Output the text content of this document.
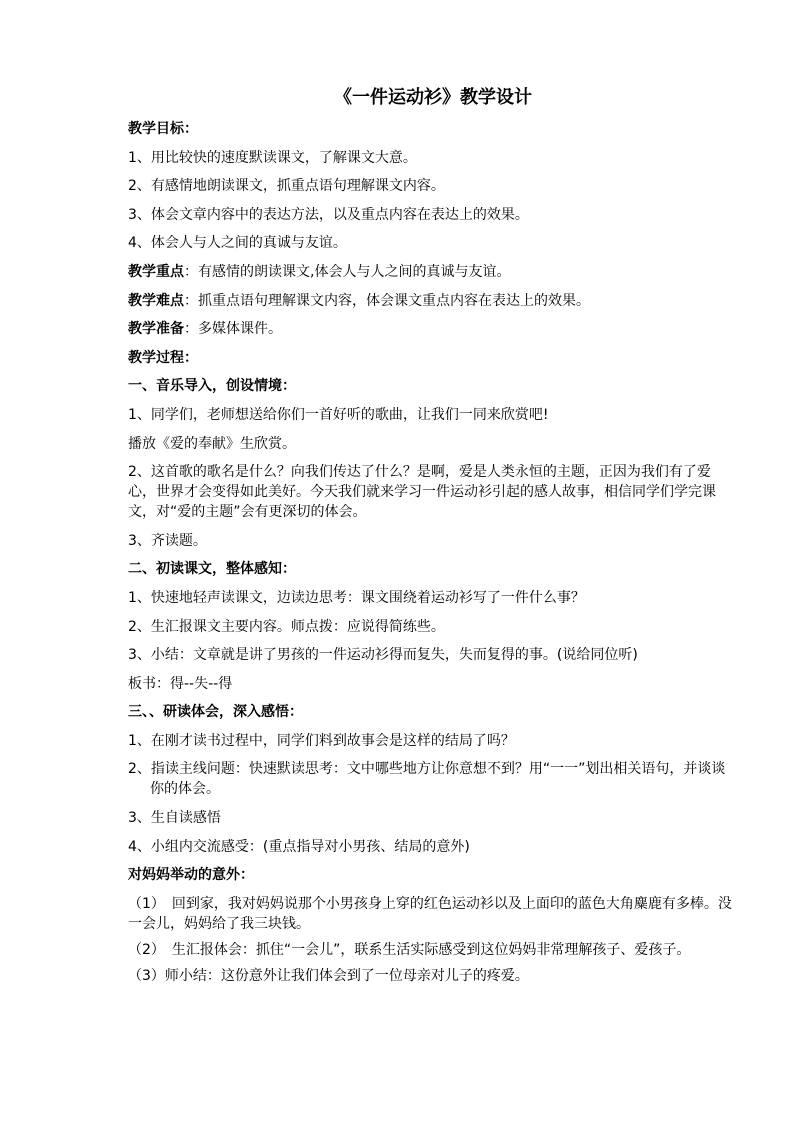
《一件运动衫》教学设计
教学目标：
1、用比较快的速度默读课文，了解课文大意。
2、有感情地朗读课文，抓重点语句理解课文内容。
3、体会文章内容中的表达方法，以及重点内容在表达上的效果。
4、体会人与人之间的真诚与友谊。
教学重点：有感情的朗读课文,体会人与人之间的真诚与友谊。
教学难点：抓重点语句理解课文内容，体会课文重点内容在表达上的效果。
教学准备：多媒体课件。
教学过程：
一、音乐导入，创设情境：
1、同学们，老师想送给你们一首好听的歌曲，让我们一同来欣赏吧!
播放《爱的奉献》生欣赏。
2、这首歌的歌名是什么？向我们传达了什么？是啊，爱是人类永恒的主题，正因为我们有了爱心，世界才会变得如此美好。今天我们就来学习一件运动衫引起的感人故事，相信同学们学完课文，对“爱的主题”会有更深切的体会。
3、齐读题。
二、初读课文，整体感知：
1、快速地轻声读课文，边读边思考：课文围绕着运动衫写了一件什么事？
2、生汇报课文主要内容。师点拨：应说得简练些。
3、小结：文章就是讲了男孩的一件运动衫得而复失，失而复得的事。(说给同位听)
板书：得--失--得
三、、研读体会，深入感悟：
1、在刚才读书过程中，同学们料到故事会是这样的结局了吗？
2、指读主线问题：快速默读思考：文中哪些地方让你意想不到？用“一一”划出相关语句，并谈谈你的体会。
3、生自读感悟
4、小组内交流感受：(重点指导对小男孩、结局的意外)
对妈妈举动的意外：
（1）　回到家，我对妈妈说那个小男孩身上穿的红色运动衫以及上面印的蓝色大角麋鹿有多棒。没一会儿，妈妈给了我三块钱。
（2）　生汇报体会：抓住“一会儿”，联系生活实际感受到这位妈妈非常理解孩子、爱孩子。
（3）师小结：这份意外让我们体会到了一位母亲对儿子的疼爱。
